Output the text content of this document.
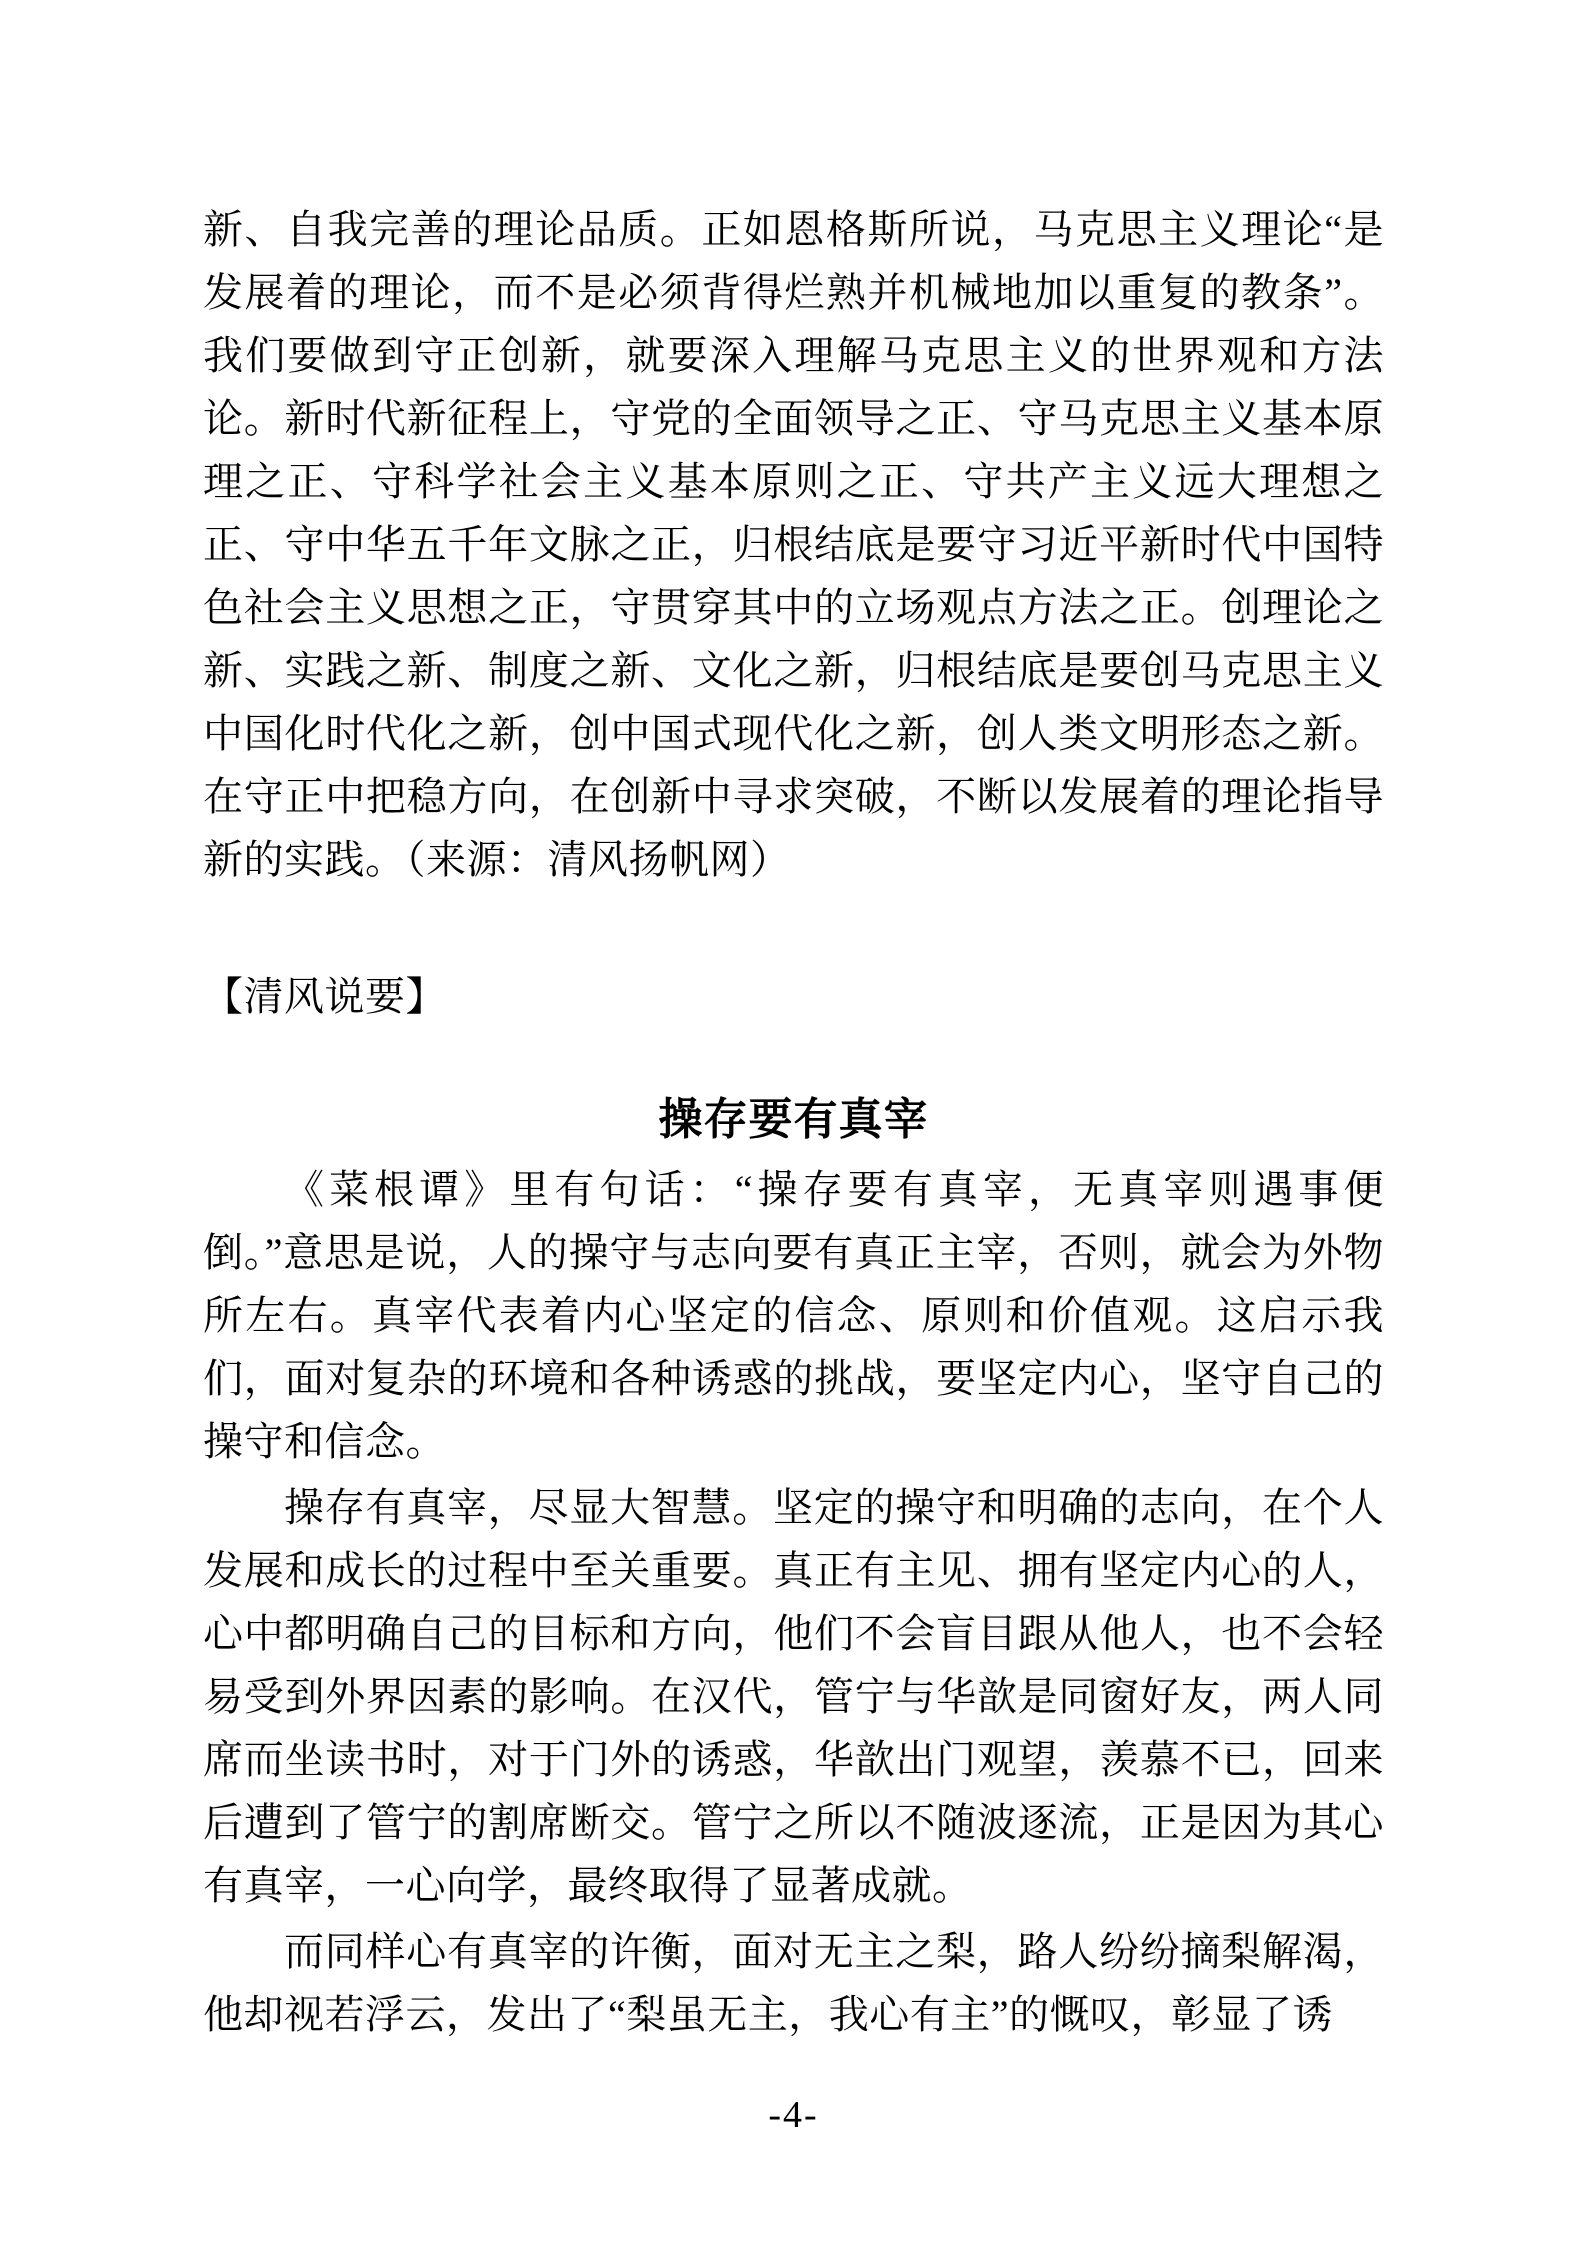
新、自我完善的理论品质。正如恩格斯所说，马克思主义理论“是发展着的理论，而不是必须背得烂熟并机械地加以重复的教条”。我们要做到守正创新，就要深入理解马克思主义的世界观和方法论。新时代新征程上，守党的全面领导之正、守马克思主义基本原理之正、守科学社会主义基本原则之正、守共产主义远大理想之正、守中华五千年文脉之正，归根结底是要守习近平新时代中国特色社会主义思想之正，守贯穿其中的立场观点方法之正。创理论之新、实践之新、制度之新、文化之新，归根结底是要创马克思主义中国化时代化之新，创中国式现代化之新，创人类文明形态之新。在守正中把稳方向，在创新中寻求突破，不断以发展着的理论指导新的实践。（来源：清风扬帆网）

【清风说要】

操存要有真宰

《菜根谭》里有句话：“操存要有真宰，无真宰则遇事便倒。”意思是说，人的操守与志向要有真正主宰，否则，就会为外物所左右。真宰代表着内心坚定的信念、原则和价值观。这启示我们，面对复杂的环境和各种诱惑的挑战，要坚定内心，坚守自己的操守和信念。

操存有真宰，尽显大智慧。坚定的操守和明确的志向，在个人发展和成长的过程中至关重要。真正有主见、拥有坚定内心的人，心中都明确自己的目标和方向，他们不会盲目跟从他人，也不会轻易受到外界因素的影响。在汉代，管宁与华歆是同窗好友，两人同席而坐读书时，对于门外的诱惑，华歆出门观望，羡慕不已，回来后遭到了管宁的割席断交。管宁之所以不随波逐流，正是因为其心有真宰，一心向学，最终取得了显著成就。

而同样心有真宰的许衡，面对无主之梨，路人纷纷摘梨解渴，他却视若浮云，发出了“梨虽无主，我心有主”的慨叹，彰显了诱

-4-
